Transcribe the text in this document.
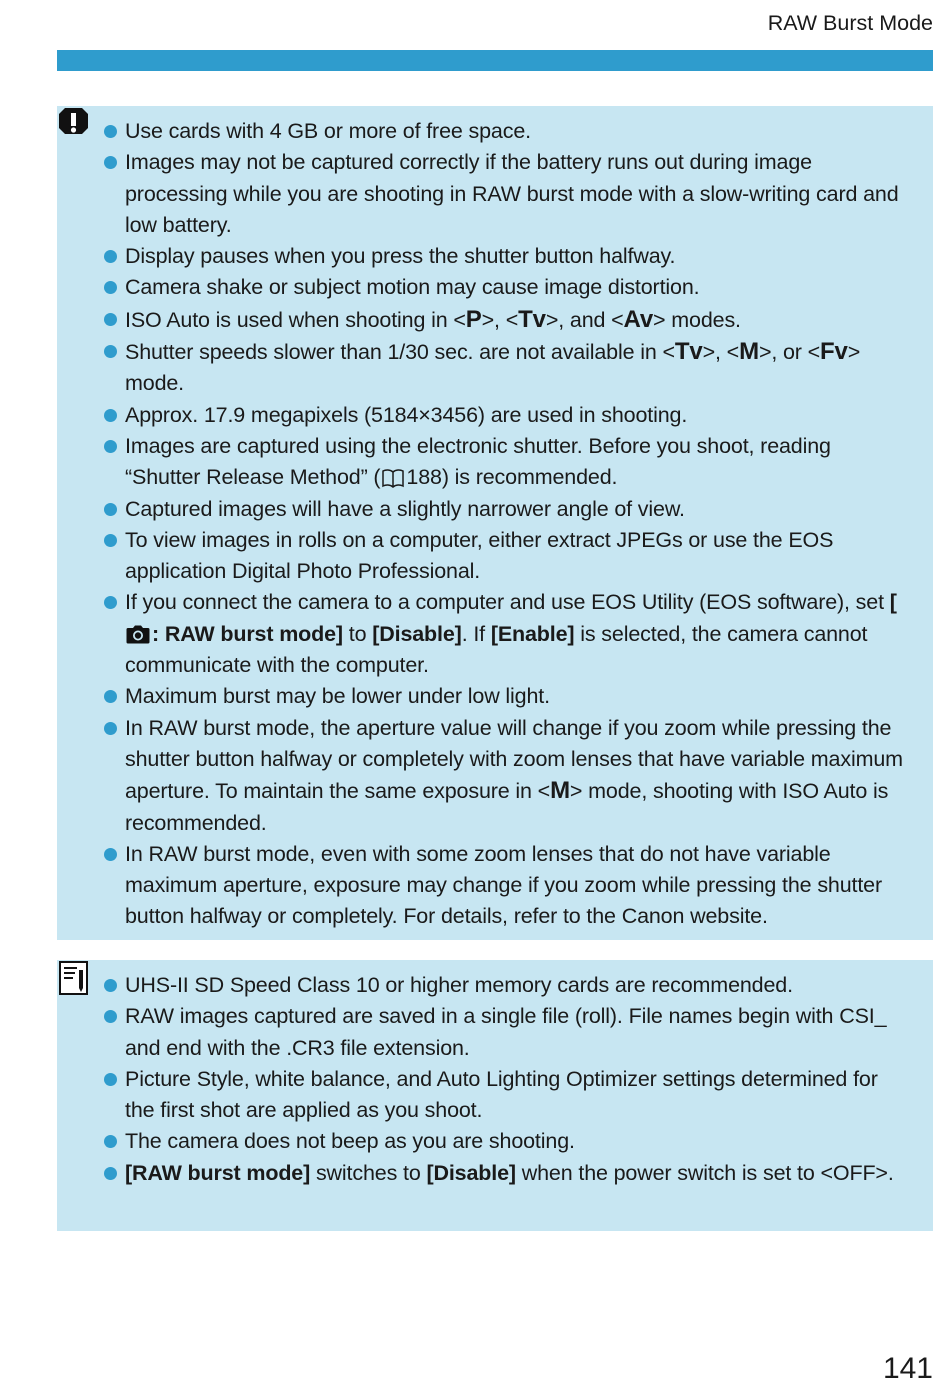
RAW Burst Mode
Use cards with 4 GB or more of free space.
Images may not be captured correctly if the battery runs out during image processing while you are shooting in RAW burst mode with a slow-writing card and low battery.
Display pauses when you press the shutter button halfway.
Camera shake or subject motion may cause image distortion.
ISO Auto is used when shooting in <P>, <Tv>, and <Av> modes.
Shutter speeds slower than 1/30 sec. are not available in <Tv>, <M>, or <Fv> mode.
Approx. 17.9 megapixels (5184×3456) are used in shooting.
Images are captured using the electronic shutter. Before you shoot, reading “Shutter Release Method” ( 188) is recommended.
Captured images will have a slightly narrower angle of view.
To view images in rolls on a computer, either extract JPEGs or use the EOS application Digital Photo Professional.
If you connect the camera to a computer and use EOS Utility (EOS software), set [: RAW burst mode] to [Disable]. If [Enable] is selected, the camera cannot communicate with the computer.
Maximum burst may be lower under low light.
In RAW burst mode, the aperture value will change if you zoom while pressing the shutter button halfway or completely with zoom lenses that have variable maximum aperture. To maintain the same exposure in <M> mode, shooting with ISO Auto is recommended.
In RAW burst mode, even with some zoom lenses that do not have variable maximum aperture, exposure may change if you zoom while pressing the shutter button halfway or completely. For details, refer to the Canon website.
UHS-II SD Speed Class 10 or higher memory cards are recommended.
RAW images captured are saved in a single file (roll). File names begin with CSI_ and end with the .CR3 file extension.
Picture Style, white balance, and Auto Lighting Optimizer settings determined for the first shot are applied as you shoot.
The camera does not beep as you are shooting.
[RAW burst mode] switches to [Disable] when the power switch is set to <OFF>.
141
